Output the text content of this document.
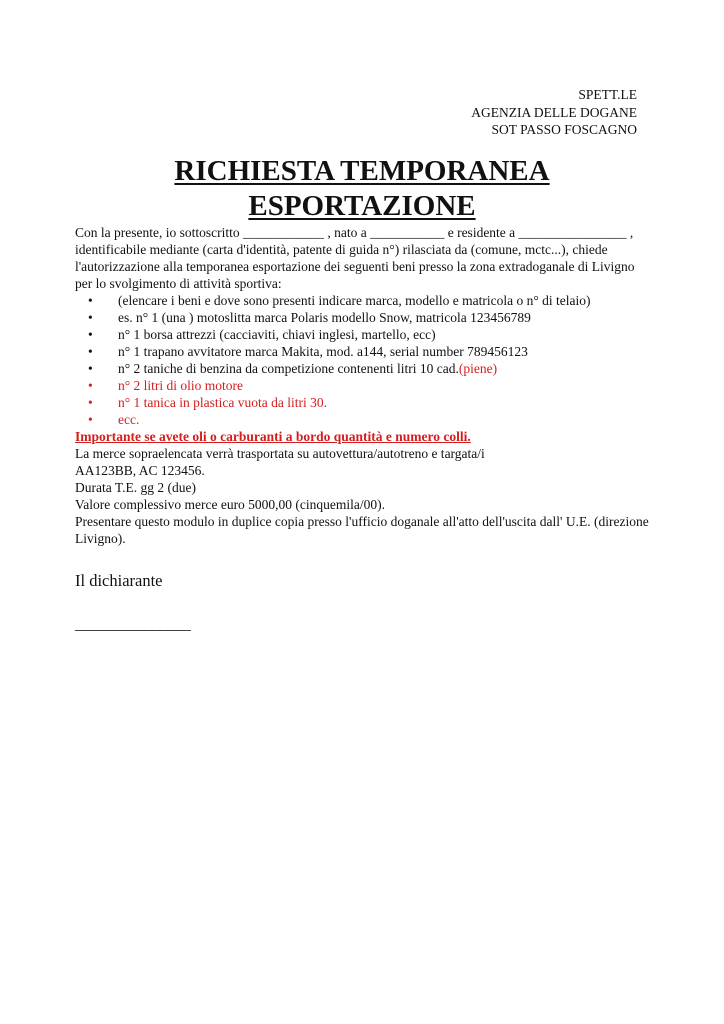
SPETT.LE
AGENZIA DELLE DOGANE
SOT PASSO FOSCAGNO
RICHIESTA TEMPORANEA
ESPORTAZIONE

Con la presente, io sottoscritto ____________ , nato a ___________ e residente a ________________ , identificabile mediante (carta d'identità, patente di guida n°) rilasciata da (comune, mctc...), chiede l'autorizzazione alla temporanea esportazione dei seguenti beni presso la zona extradoganale di Livigno per lo svolgimento di attività sportiva:

• (elencare i beni e dove sono presenti indicare marca, modello e matricola o n° di telaio)
• es. n° 1 (una ) motoslitta marca Polaris modello Snow, matricola 123456789
• n° 1 borsa attrezzi (cacciaviti, chiavi inglesi, martello, ecc)
• n° 1 trapano avvitatore marca Makita, mod. a144, serial number 789456123
• n° 2 taniche di benzina da competizione contenenti litri 10 cad.(piene)
• n° 2 litri di olio motore
• n° 1 tanica in plastica vuota da litri 30.
• ecc.

Importante se avete oli o carburanti a bordo quantità e numero colli.

La merce sopraelencata verrà trasportata su autovettura/autotreno e targata/i

AA123BB, AC 123456.

Durata T.E. gg 2 (due)

Valore complessivo merce euro 5000,00 (cinquemila/00).

Presentare questo modulo in duplice copia presso l'ufficio doganale all'atto dell'uscita dall' U.E. (direzione Livigno).

Il dichiarante
_______________
